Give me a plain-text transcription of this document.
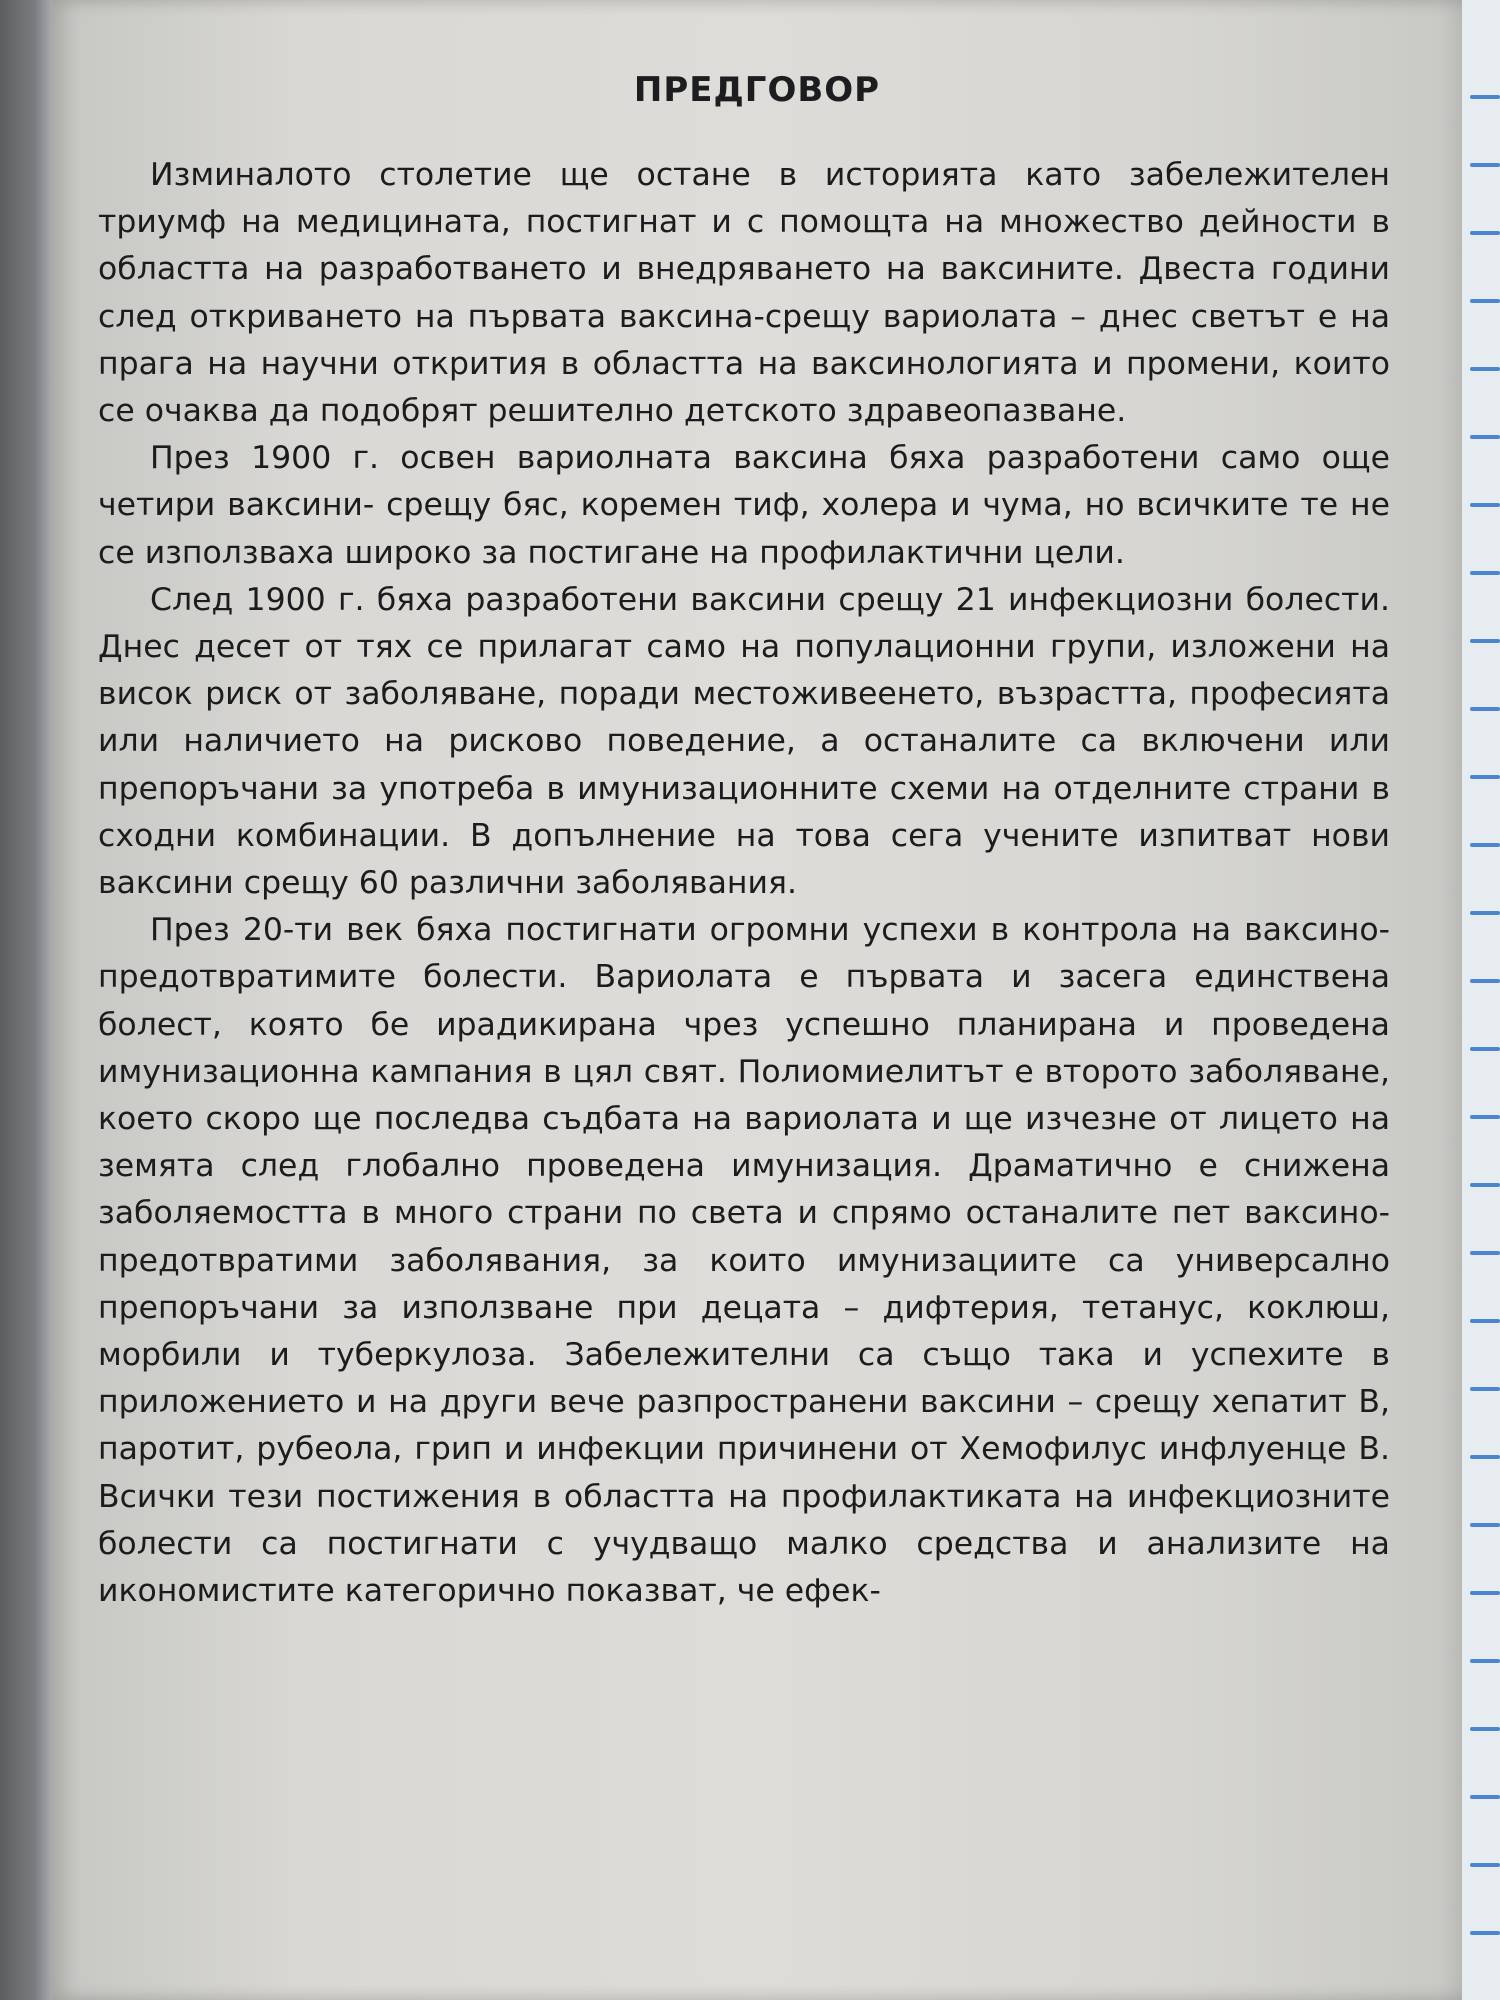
ПРЕДГОВОР

Изминалото столетие ще остане в историята като забележителен триумф на медицината, постигнат и с помощта на множество дейности в областта на разработването и внедряването на ваксините. Двеста години след откриването на първата ваксина-срещу вариолата – днес светът е на прага на научни открития в областта на ваксинологията и промени, които се очаква да подобрят решително детското здравеопазване.

През 1900 г. освен вариолната ваксина бяха разработени само още четири ваксини- срещу бяс, коремен тиф, холера и чума, но всичките те не се използваха широко за постигане на профилактични цели.

След 1900 г. бяха разработени ваксини срещу 21 инфекциозни болести. Днес десет от тях се прилагат само на популационни групи, изложени на висок риск от заболяване, поради местоживеенето, възрастта, професията или наличието на рисково поведение, а останалите са включени или препоръчани за употреба в имунизационните схеми на отделните страни в сходни комбинации. В допълнение на това сега учените изпитват нови ваксини срещу 60 различни заболявания.

През 20-ти век бяха постигнати огромни успехи в контрола на ваксино-предотвратимите болести. Вариолата е първата и засега единствена болест, която бе ирадикирана чрез успешно планирана и проведена имунизационна кампания в цял свят. Полиомиелитът е второто заболяване, което скоро ще последва съдбата на вариолата и ще изчезне от лицето на земята след глобално проведена имунизация. Драматично е снижена заболяемостта в много страни по света и спрямо останалите пет ваксино-предотвратими заболявания, за които имунизациите са универсално препоръчани за използване при децата – дифтерия, тетанус, коклюш, морбили и туберкулоза. Забележителни са също така и успехите в приложението и на други вече разпространени ваксини – срещу хепатит В, паротит, рубеола, грип и инфекции причинени от Хемофилус инфлуенце В. Всички тези постижения в областта на профилактиката на инфекциозните болести са постигнати с учудващо малко средства и анализите на икономистите категорично показват, че ефек-
